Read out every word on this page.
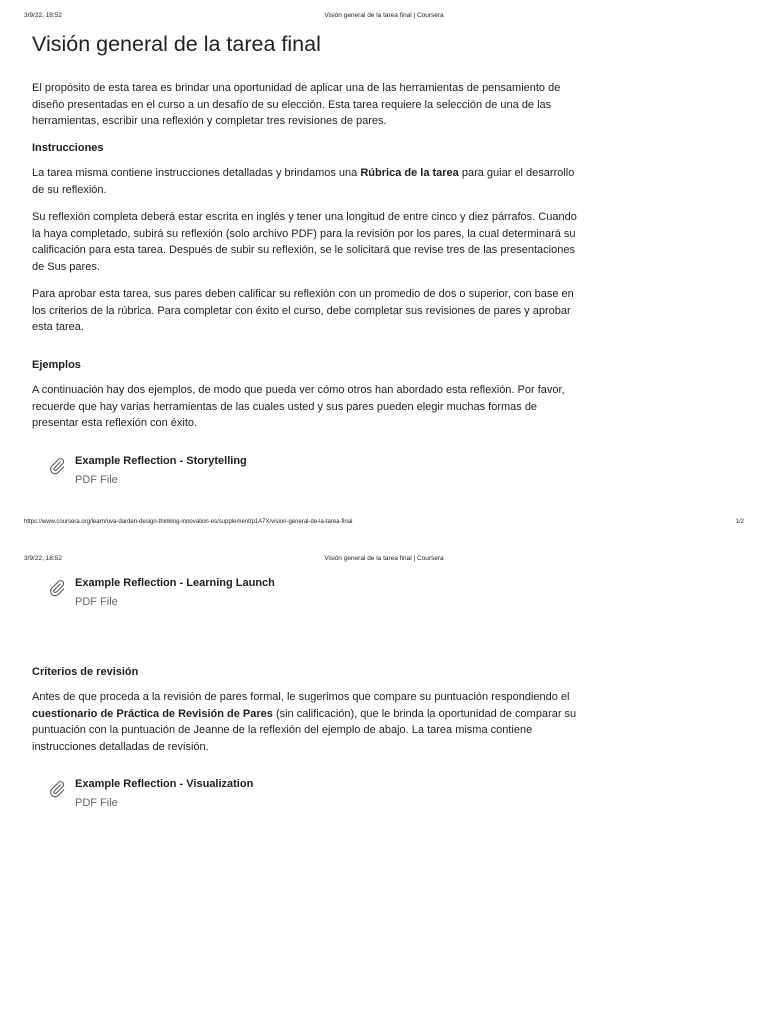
3/9/22, 18:52	Visión general de la tarea final | Coursera
Visión general de la tarea final

El propósito de esta tarea es brindar una oportunidad de aplicar una de las herramientas de pensamiento de diseño presentadas en el curso a un desafío de su elección. Esta tarea requiere la selección de una de las herramientas, escribir una reflexión y completar tres revisiones de pares.

Instrucciones

La tarea misma contiene instrucciones detalladas y brindamos una Rúbrica de la tarea para guiar el desarrollo de su reflexión.

Su reflexión completa deberá estar escrita en inglés y tener una longitud de entre cinco y diez párrafos. Cuando la haya completado, subirá su reflexión (solo archivo PDF) para la revisión por los pares, la cual determinará su calificación para esta tarea. Después de subir su reflexión, se le solicitará que revise tres de las presentaciones de Sus pares.

Para aprobar esta tarea, sus pares deben calificar su reflexión con un promedio de dos o superior, con base en los criterios de la rúbrica. Para completar con éxito el curso, debe completar sus revisiones de pares y aprobar esta tarea.

Ejemplos

A continuación hay dos ejemplos, de modo que pueda ver cómo otros han abordado esta reflexión. Por favor, recuerde que hay varias herramientas de las cuales usted y sus pares pueden elegir muchas formas de presentar esta reflexión con éxito.

Example Reflection - Storytelling
PDF File
https://www.coursera.org/learn/uva-darden-design-thinking-innovation-es/supplement/p1A7X/vision-general-de-la-tarea-final	1/2
3/9/22, 18:52	Visión general de la tarea final | Coursera
Example Reflection - Learning Launch
PDF File
Criterios de revisión

Antes de que proceda a la revisión de pares formal, le sugerimos que compare su puntuación respondiendo el cuestionario de Práctica de Revisión de Pares (sin calificación), que le brinda la oportunidad de comparar su puntuación con la puntuación de Jeanne de la reflexión del ejemplo de abajo. La tarea misma contiene instrucciones detalladas de revisión.

Example Reflection - Visualization
PDF File
